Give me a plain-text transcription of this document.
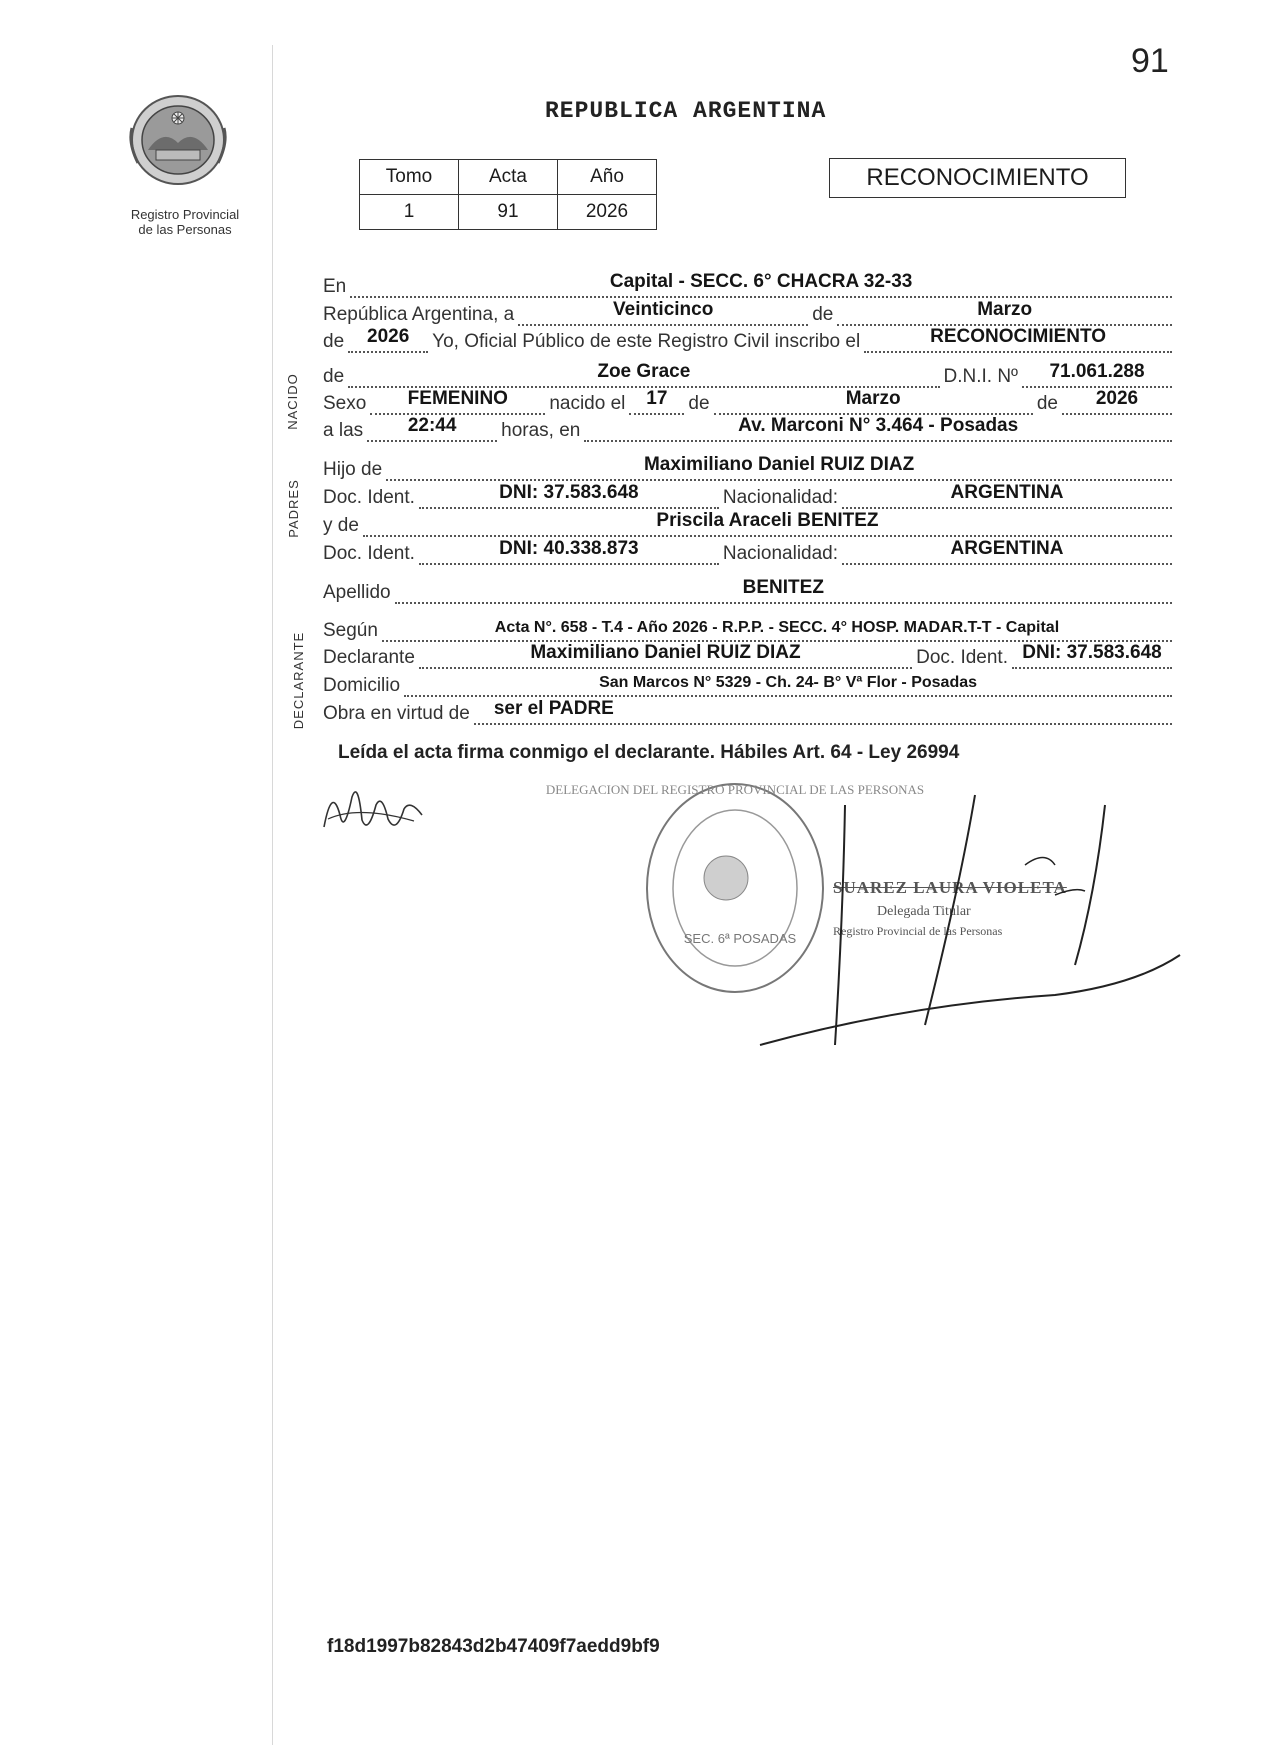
91
Registro Provincial
de las Personas
REPUBLICA ARGENTINA
Tomo	Acta	Año
1	91	2026
RECONOCIMIENTO
NACIDO
PADRES
DECLARANTE
En	Capital - SECC. 6° CHACRA 32-33
República Argentina, a	Veinticinco	de	Marzo
de	2026	Yo, Oficial Público de este Registro Civil inscribo el	RECONOCIMIENTO
de	Zoe Grace	D.N.I. Nº	71.061.288
Sexo	FEMENINO	nacido el	17	de	Marzo	de	2026
a las	22:44	horas, en	Av. Marconi N° 3.464 - Posadas
Hijo de	Maximiliano Daniel RUIZ DIAZ
Doc. Ident.	DNI: 37.583.648	Nacionalidad:	ARGENTINA
y de	Priscila Araceli BENITEZ
Doc. Ident.	DNI: 40.338.873	Nacionalidad:	ARGENTINA
Apellido	BENITEZ
Según	Acta N°. 658 - T.4 - Año 2026 - R.P.P. - SECC. 4° HOSP. MADAR.T-T - Capital
Declarante	Maximiliano Daniel RUIZ DIAZ	Doc. Ident. DNI: 37.583.648
Domicilio	San Marcos N° 5329 - Ch. 24- B° Vª Flor - Posadas
Obra en virtud de ser el PADRE
Leída el acta firma conmigo el declarante. Hábiles Art. 64 - Ley 26994
DELEGACION DEL REGISTRO PROVINCIAL DE LAS PERSONAS
SEC. 6ª POSADAS
SUAREZ LAURA VIOLETA
Delegada Titular
Registro Provincial de las Personas
f18d1997b82843d2b47409f7aedd9bf9
